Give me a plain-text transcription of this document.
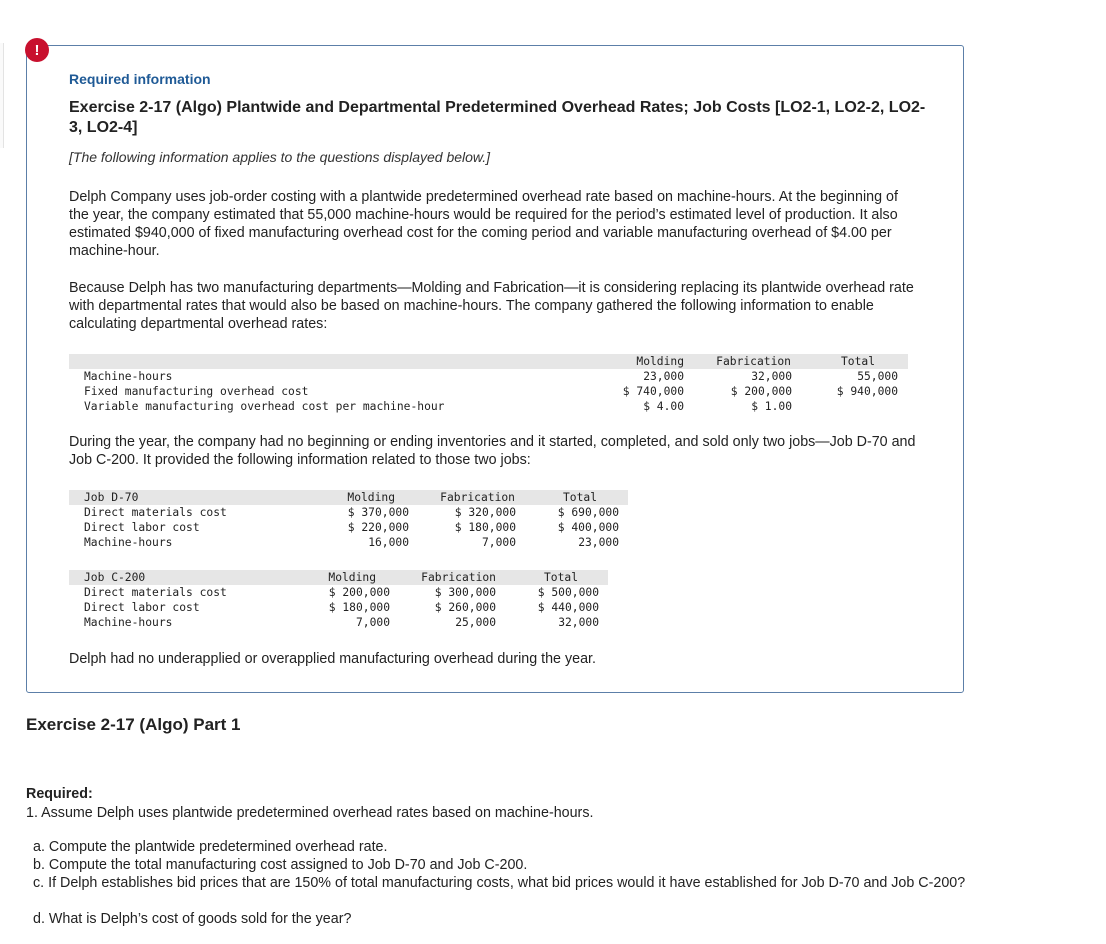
!
Required information
Exercise 2-17 (Algo) Plantwide and Departmental Predetermined Overhead Rates; Job Costs [LO2-1, LO2-2, LO2-3, LO2-4]
[The following information applies to the questions displayed below.]
Delph Company uses job-order costing with a plantwide predetermined overhead rate based on machine-hours. At the beginning of the year, the company estimated that 55,000 machine-hours would be required for the period’s estimated level of production. It also estimated $940,000 of fixed manufacturing overhead cost for the coming period and variable manufacturing overhead of $4.00 per machine-hour.
Because Delph has two manufacturing departments—Molding and Fabrication—it is considering replacing its plantwide overhead rate with departmental rates that would also be based on machine-hours. The company gathered the following information to enable calculating departmental overhead rates:
Molding	Fabrication	Total
Machine-hours	23,000	32,000	55,000
Fixed manufacturing overhead cost	$ 740,000	$ 200,000	$ 940,000
Variable manufacturing overhead cost per machine-hour	$ 4.00	$ 1.00
During the year, the company had no beginning or ending inventories and it started, completed, and sold only two jobs—Job D-70 and Job C-200. It provided the following information related to those two jobs:
Job D-70	Molding	Fabrication	Total
Direct materials cost	$ 370,000	$ 320,000	$ 690,000
Direct labor cost	$ 220,000	$ 180,000	$ 400,000
Machine-hours	16,000	7,000	23,000
Job C-200	Molding	Fabrication	Total
Direct materials cost	$ 200,000	$ 300,000	$ 500,000
Direct labor cost	$ 180,000	$ 260,000	$ 440,000
Machine-hours	7,000	25,000	32,000
Delph had no underapplied or overapplied manufacturing overhead during the year.
Exercise 2-17 (Algo) Part 1
Required:
1. Assume Delph uses plantwide predetermined overhead rates based on machine-hours.
a. Compute the plantwide predetermined overhead rate.
b. Compute the total manufacturing cost assigned to Job D-70 and Job C-200.
c. If Delph establishes bid prices that are 150% of total manufacturing costs, what bid prices would it have established for Job D-70 and Job C-200?
d. What is Delph’s cost of goods sold for the year?
